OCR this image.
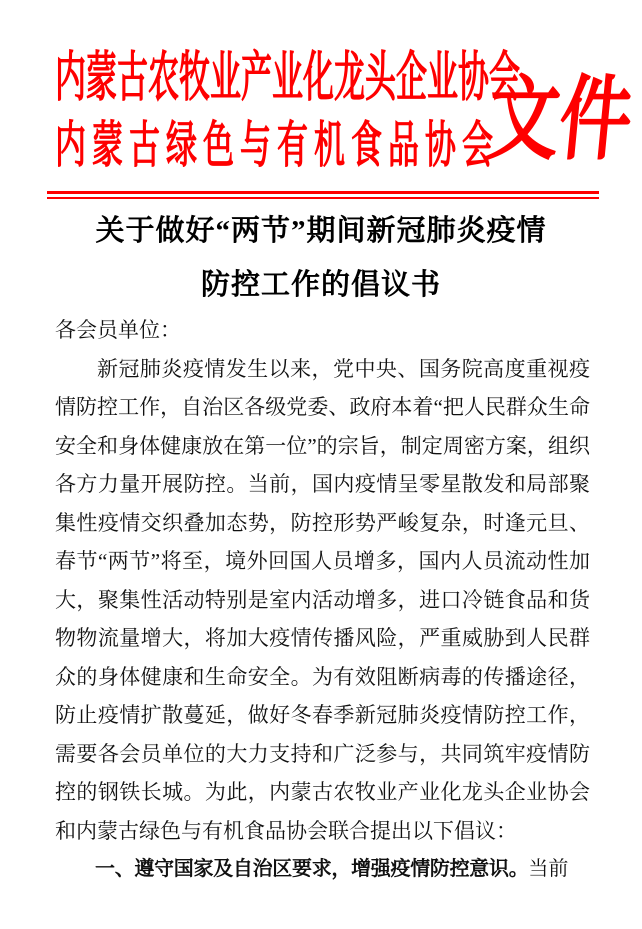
内蒙古农牧业产业化龙头企业协会
内蒙古绿色与有机食品协会
文件
关于做好“两节”期间新冠肺炎疫情
防控工作的倡议书

各会员单位：

新冠肺炎疫情发生以来，党中央、国务院高度重视疫情防控工作，自治区各级党委、政府本着“把人民群众生命安全和身体健康放在第一位”的宗旨，制定周密方案，组织各方力量开展防控。当前，国内疫情呈零星散发和局部聚集性疫情交织叠加态势，防控形势严峻复杂，时逢元旦、春节“两节”将至，境外回国人员增多，国内人员流动性加大，聚集性活动特别是室内活动增多，进口冷链食品和货物物流量增大，将加大疫情传播风险，严重威胁到人民群众的身体健康和生命安全。为有效阻断病毒的传播途径，防止疫情扩散蔓延，做好冬春季新冠肺炎疫情防控工作，需要各会员单位的大力支持和广泛参与，共同筑牢疫情防控的钢铁长城。为此，内蒙古农牧业产业化龙头企业协会和内蒙古绿色与有机食品协会联合提出以下倡议：

一、遵守国家及自治区要求，增强疫情防控意识。当前
